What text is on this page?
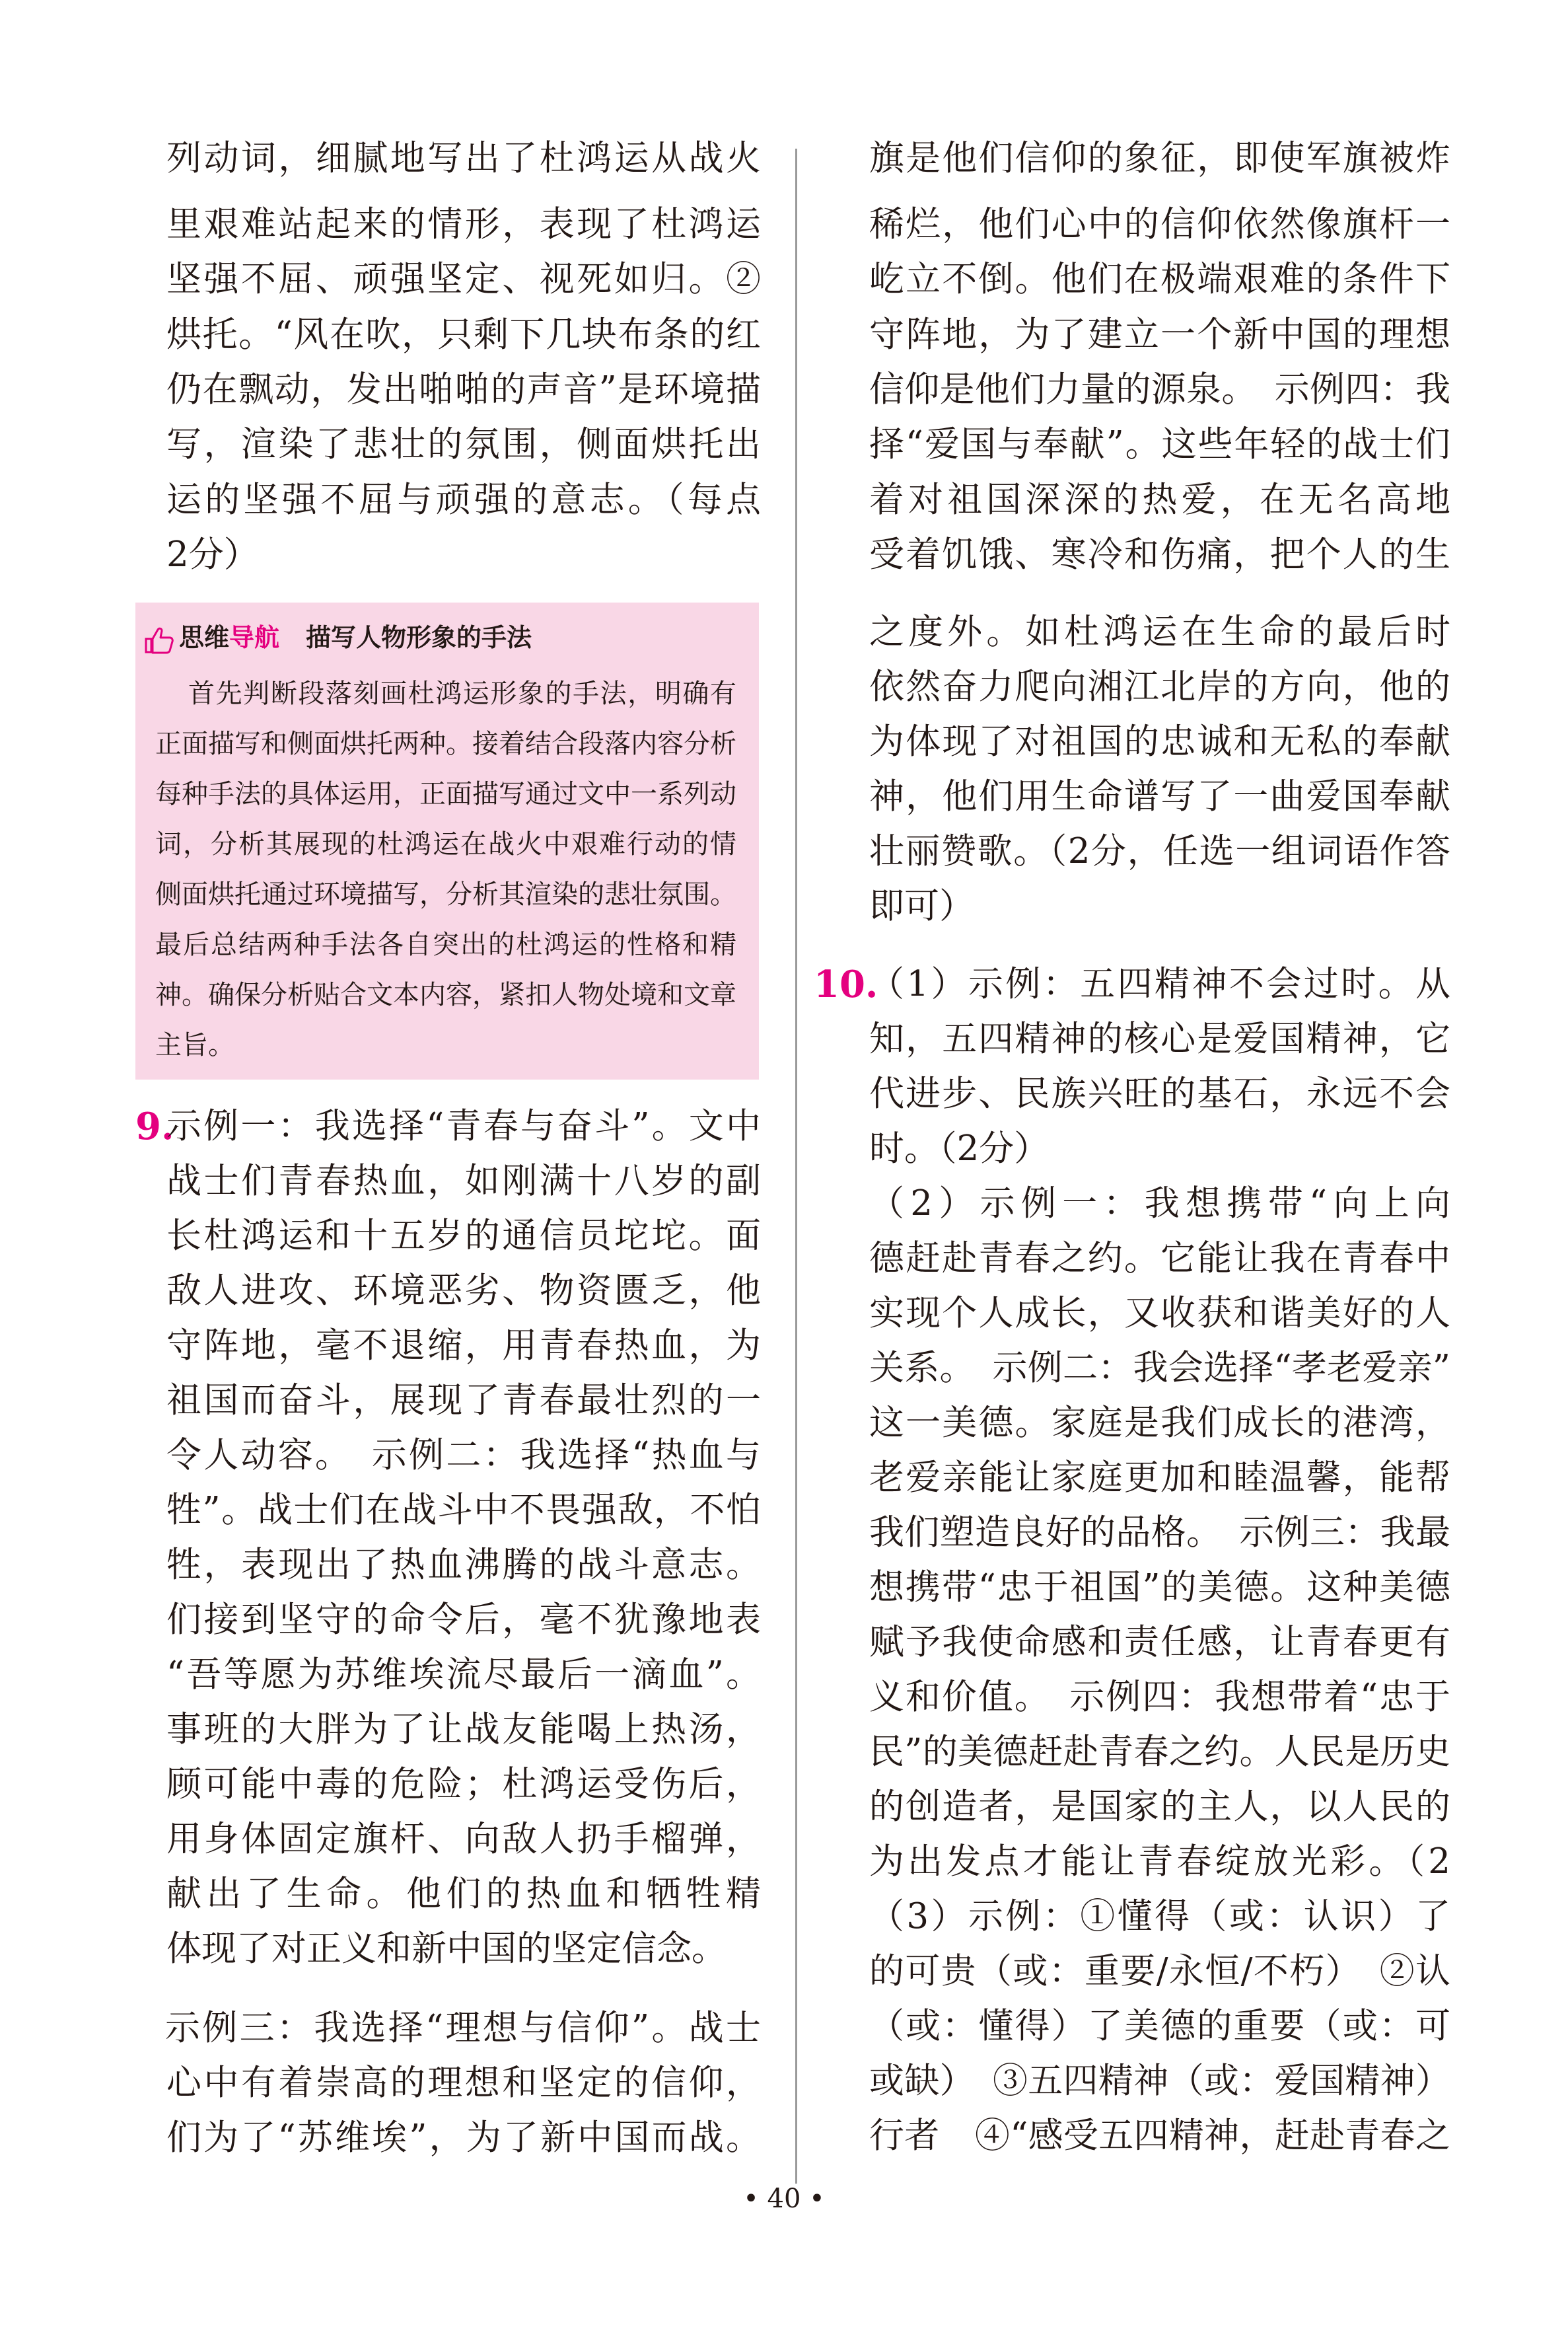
列动词，细腻地写出了杜鸿运从战火
里艰难站起来的情形，表现了杜鸿运
坚强不屈、顽强坚定、视死如归。②
烘托。“风在吹，只剩下几块布条的红
仍在飘动，发出啪啪的声音”是环境描
写，渲染了悲壮的氛围，侧面烘托出
运的坚强不屈与顽强的意志。（每点
2分）
思维导航 描写人物形象的手法
首先判断段落刻画杜鸿运形象的手法，明确有
正面描写和侧面烘托两种。接着结合段落内容分析
每种手法的具体运用，正面描写通过文中一系列动
词，分析其展现的杜鸿运在战火中艰难行动的情
侧面烘托通过环境描写，分析其渲染的悲壮氛围。
最后总结两种手法各自突出的杜鸿运的性格和精
神。确保分析贴合文本内容，紧扣人物处境和文章
主旨。
9.
示例一：我选择“青春与奋斗”。文中
战士们青春热血，如刚满十八岁的副
长杜鸿运和十五岁的通信员坨坨。面
敌人进攻、环境恶劣、物资匮乏，他
守阵地，毫不退缩，用青春热血，为
祖国而奋斗，展现了青春最壮烈的一
令人动容。　示例二：我选择“热血与
牲”。战士们在战斗中不畏强敌，不怕
牲，表现出了热血沸腾的战斗意志。
们接到坚守的命令后，毫不犹豫地表
“吾等愿为苏维埃流尽最后一滴血”。
事班的大胖为了让战友能喝上热汤，
顾可能中毒的危险；杜鸿运受伤后，
用身体固定旗杆、向敌人扔手榴弹，
献出了生命。他们的热血和牺牲精
体现了对正义和新中国的坚定信念。
示例三：我选择“理想与信仰”。战士
心中有着崇高的理想和坚定的信仰，
们为了“苏维埃”，为了新中国而战。
旗是他们信仰的象征，即使军旗被炸
稀烂，他们心中的信仰依然像旗杆一
屹立不倒。他们在极端艰难的条件下
守阵地，为了建立一个新中国的理想
信仰是他们力量的源泉。　示例四：我
择“爱国与奉献”。这些年轻的战士们
着对祖国深深的热爱，在无名高地
受着饥饿、寒冷和伤痛，把个人的生
之度外。如杜鸿运在生命的最后时
依然奋力爬向湘江北岸的方向，他的
为体现了对祖国的忠诚和无私的奉献
神，他们用生命谱写了一曲爱国奉献
壮丽赞歌。（2分，任选一组词语作答
即可）
10.
（1）示例：五四精神不会过时。从
知，五四精神的核心是爱国精神，它
代进步、民族兴旺的基石，永远不会
时。（2分）
（2）示例一：我想携带“向上向
德赶赴青春之约。它能让我在青春中
实现个人成长，又收获和谐美好的人
关系。　示例二：我会选择“孝老爱亲”
这一美德。家庭是我们成长的港湾，
老爱亲能让家庭更加和睦温馨，能帮
我们塑造良好的品格。　示例三：我最
想携带“忠于祖国”的美德。这种美德
赋予我使命感和责任感，让青春更有
义和价值。　示例四：我想带着“忠于
民”的美德赶赴青春之约。人民是历史
的创造者，是国家的主人，以人民的
为出发点才能让青春绽放光彩。（2
（3）示例：①懂得（或：认识）了
的可贵（或：重要/永恒/不朽）　②认
（或：懂得）了美德的重要（或：可
或缺）　③五四精神（或：爱国精神）
行者　④“感受五四精神，赶赴青春之
• 40 •
